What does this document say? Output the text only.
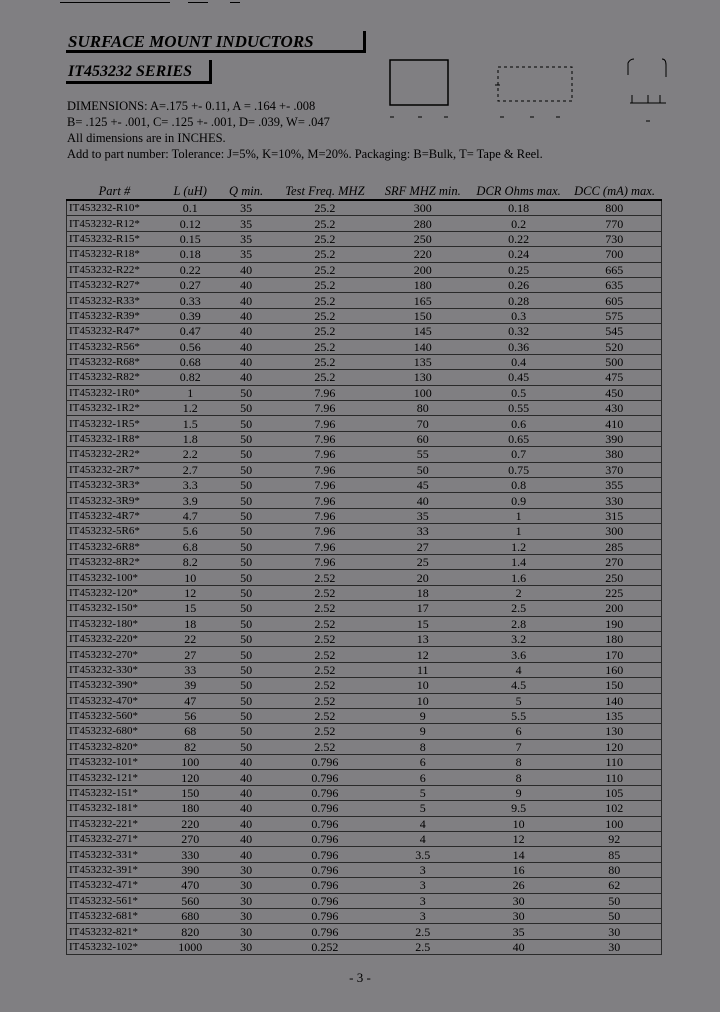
SURFACE MOUNT INDUCTORS
IT453232 SERIES
DIMENSIONS: A=.175 +- 0.11, A = .164 +- .008
B= .125 +- .001, C= .125 +- .001, D= .039, W= .047
All dimensions are in INCHES.
Add to part number: Tolerance: J=5%, K=10%, M=20%. Packaging: B=Bulk, T= Tape & Reel.
Part #	L (uH)	Q min.	Test Freq. MHZ	SRF MHZ min.	DCR Ohms max.	DCC (mA) max.
IT453232-R10*	0.1	35	25.2	300	0.18	800
IT453232-R12*	0.12	35	25.2	280	0.2	770
IT453232-R15*	0.15	35	25.2	250	0.22	730
IT453232-R18*	0.18	35	25.2	220	0.24	700
IT453232-R22*	0.22	40	25.2	200	0.25	665
IT453232-R27*	0.27	40	25.2	180	0.26	635
IT453232-R33*	0.33	40	25.2	165	0.28	605
IT453232-R39*	0.39	40	25.2	150	0.3	575
IT453232-R47*	0.47	40	25.2	145	0.32	545
IT453232-R56*	0.56	40	25.2	140	0.36	520
IT453232-R68*	0.68	40	25.2	135	0.4	500
IT453232-R82*	0.82	40	25.2	130	0.45	475
IT453232-1R0*	1	50	7.96	100	0.5	450
IT453232-1R2*	1.2	50	7.96	80	0.55	430
IT453232-1R5*	1.5	50	7.96	70	0.6	410
IT453232-1R8*	1.8	50	7.96	60	0.65	390
IT453232-2R2*	2.2	50	7.96	55	0.7	380
IT453232-2R7*	2.7	50	7.96	50	0.75	370
IT453232-3R3*	3.3	50	7.96	45	0.8	355
IT453232-3R9*	3.9	50	7.96	40	0.9	330
IT453232-4R7*	4.7	50	7.96	35	1	315
IT453232-5R6*	5.6	50	7.96	33	1	300
IT453232-6R8*	6.8	50	7.96	27	1.2	285
IT453232-8R2*	8.2	50	7.96	25	1.4	270
IT453232-100*	10	50	2.52	20	1.6	250
IT453232-120*	12	50	2.52	18	2	225
IT453232-150*	15	50	2.52	17	2.5	200
IT453232-180*	18	50	2.52	15	2.8	190
IT453232-220*	22	50	2.52	13	3.2	180
IT453232-270*	27	50	2.52	12	3.6	170
IT453232-330*	33	50	2.52	11	4	160
IT453232-390*	39	50	2.52	10	4.5	150
IT453232-470*	47	50	2.52	10	5	140
IT453232-560*	56	50	2.52	9	5.5	135
IT453232-680*	68	50	2.52	9	6	130
IT453232-820*	82	50	2.52	8	7	120
IT453232-101*	100	40	0.796	6	8	110
IT453232-121*	120	40	0.796	6	8	110
IT453232-151*	150	40	0.796	5	9	105
IT453232-181*	180	40	0.796	5	9.5	102
IT453232-221*	220	40	0.796	4	10	100
IT453232-271*	270	40	0.796	4	12	92
IT453232-331*	330	40	0.796	3.5	14	85
IT453232-391*	390	30	0.796	3	16	80
IT453232-471*	470	30	0.796	3	26	62
IT453232-561*	560	30	0.796	3	30	50
IT453232-681*	680	30	0.796	3	30	50
IT453232-821*	820	30	0.796	2.5	35	30
IT453232-102*	1000	30	0.252	2.5	40	30
- 3 -
